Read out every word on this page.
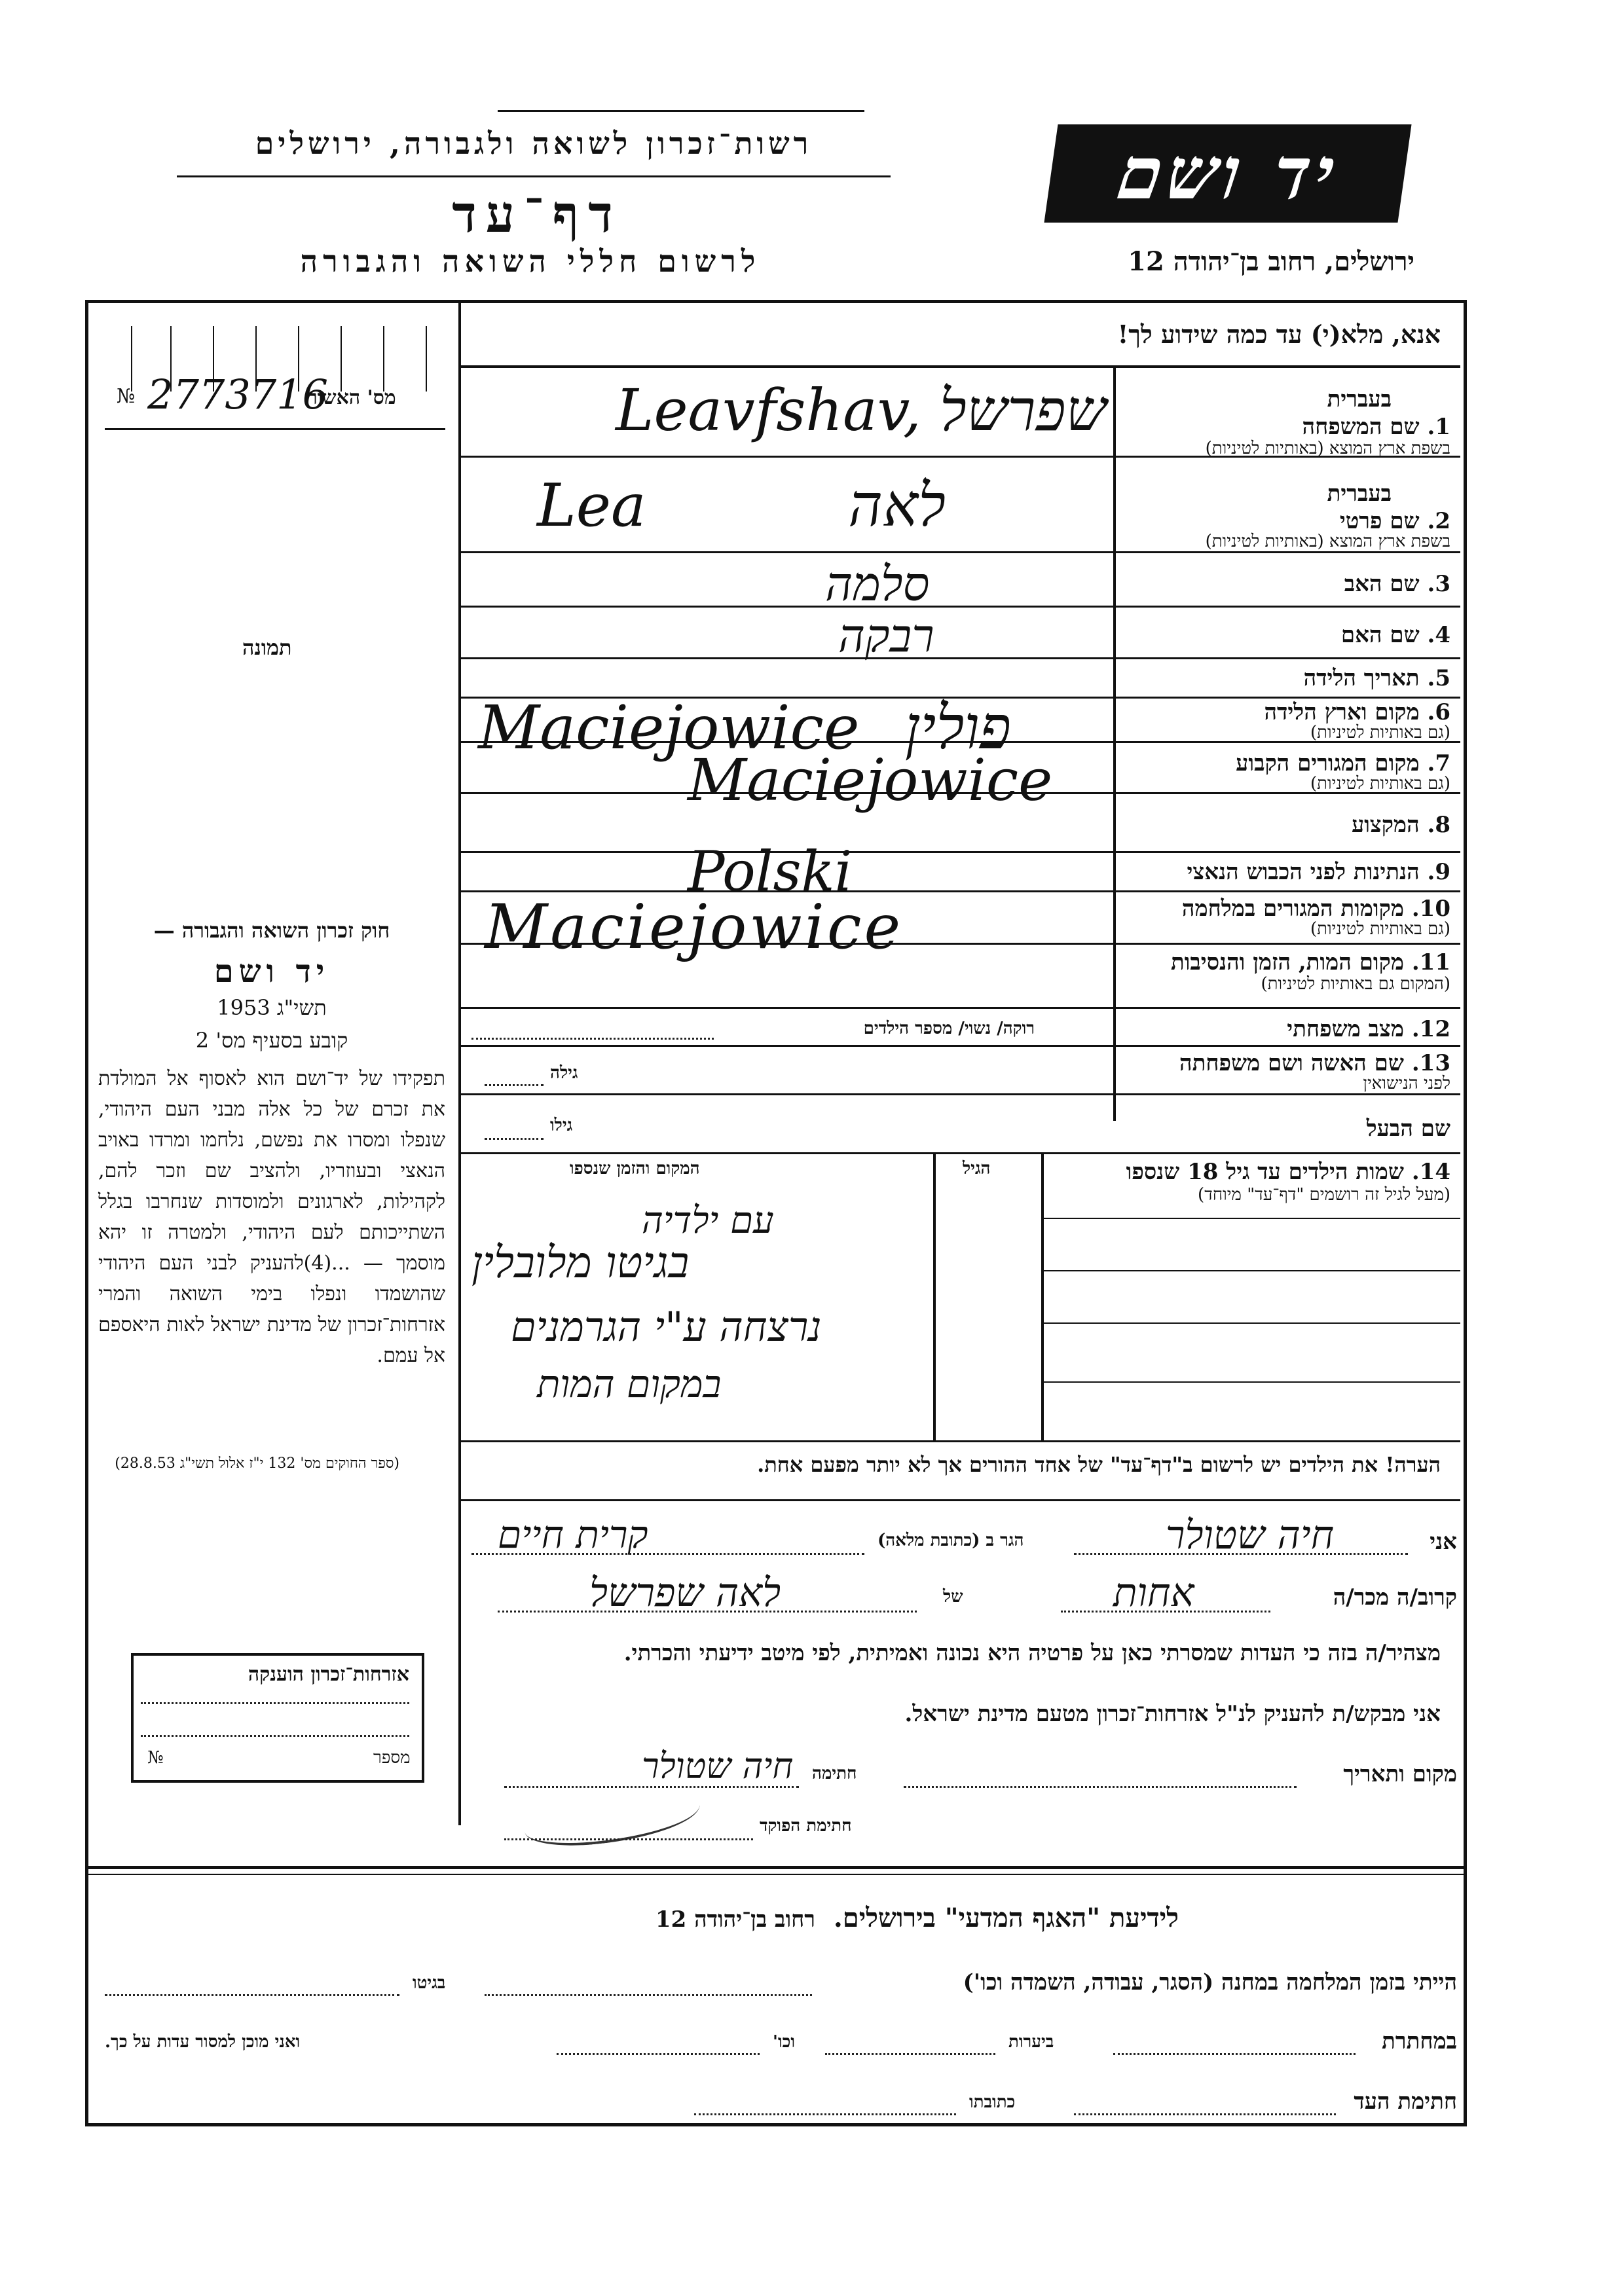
רשות־זכרון לשואה ולגבורה, ירושלים
דף־עד
לרשום חללי השואה והגבורה
יד ושם
ירושלים, רחוב בן־יהודה 12
אנא, מלא(י) עד כמה שידוע לך!
№ 2773716
מס' האשור
תמונה
בעברית
1. שם המשפחה
בשפת ארץ המוצא (באותיות לטיניות)
Leavfshav, שפרשל
בעברית
2. שם פרטי
בשפת ארץ המוצא (באותיות לטיניות)
Lea לאה
3. שם האב
סלמה
4. שם האם
רבקה
5. תאריך הלידה
6. מקום וארץ הלידה
(גם באותיות לטיניות)
Maciejowice פולין
7. מקום המגורים הקבוע
(גם באותיות לטיניות)
Maciejowice
8. המקצוע
9. הנתינות לפני הכבוש הנאצי
Polski
10. מקומות המגורים במלחמה
(גם באותיות לטיניות)
Maciejowice	11. מקום המות, הזמן והנסיבות
(המקום גם באותיות לטיניות)
12. מצב משפחתי
רוקה/ נשוי/ מספר הילדים
13. שם האשה ושם משפחתה
לפני הנישואין
גילה
שם הבעל
גילו
14. שמות הילדים עד גיל 18 שנספו
(מעל לגיל זה רושמים "דף־עד" מיוחד)
הגיל
המקום והזמן שנספו
עם ילדיה
בגיטו מלובלין
נרצחה ע"י הגרמנים
במקום המות
הערה! את הילדים יש לרשום ב"דף־עד" של אחד ההורים אך לא יותר מפעם אחת.
חוק זכרון השואה והגבורה —
יד ושם
תשי"ג 1953
קובע בסעיף מס' 2
תפקידו של יד־ושם הוא לאסוף אל המולדת את זכרם של כל אלה מבני העם היהודי, שנפלו ומסרו את נפשם, נלחמו ומרדו באויב הנאצי ובעוזריו, ולהציב שם וזכר להם, לקהילות, לארגונים ולמוסדות שנחרבו בגלל השתייכותם לעם היהודי, ולמטרה זו יהא מוסמך — ...(4)להעניק לבני העם היהודי שהושמדו ונפלו בימי השואה והמרי אזרחות־זכרון של מדינת ישראל לאות היאספם אל עמם.
(ספר החוקים מס' 132 י"ז אלול תשי"ג 28.8.53)
אזרחות־זכרון הוענקה
מספר
№
אני
חיה שטולר
הגר ב (כתובת מלאה)
קרית חיים
קרוב/ה מכר/ה
אחות
של
לאה שפרשל
מצהיר/ה בזה כי העדות שמסרתי כאן על פרטיה היא נכונה ואמיתית, לפי מיטב ידיעתי והכרתי.
אני מבקש/ת להעניק לנ"ל אזרחות־זכרון מטעם מדינת ישראל.
מקום ותאריך
חתימה
חיה שטולר
חתימת הפוקד
לידיעת "האגף המדעי" בירושלים.  רחוב בן־יהודה 12
הייתי בזמן המלחמה במחנה (הסגר, עבודה, השמדה וכו')
בגיטו
במחתרת
ביערות
וכו'
ואני מוכן למסור עדות על כך.
חתימת העד
כתובתו
